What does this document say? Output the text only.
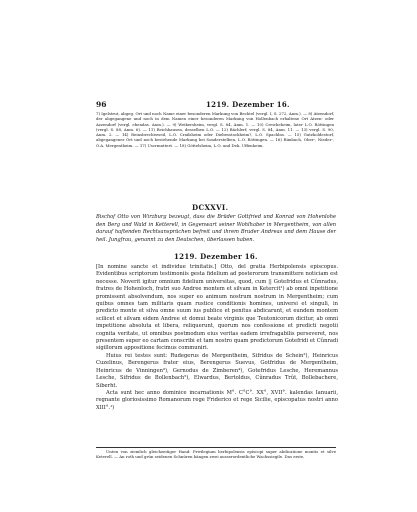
96	1219. Dezember 16.

7) Igelstrut, abgeg. Ort und noch Name einer besonderen Markung von Bechtel (vergl. I, S. 272, Anm.). — 8) Atzendorf, der abgegangene und noch in dem Namen einer besonderen Markung von Hollenbach erhaltene Ort Atzen- oder Azzendorf (vergl. ebendas. Anm.). — 9) Weikersheim, vergl. S. 84, Anm. 1. — 10) Creicheheim, later L.O. Röttingen (vergl. S. 88, Anm. 6). — 11) Reichhausen, desselben L.O. — 12) Bächlerf, vergl. S. 84, Anm. 11. — 13) vergl. S. 90, Anm. 2. — 14) Reinsbrechtsweil, L.O. Crailsheim oder Diebesstockheim?, L.O. Spachlns. — 15) Gutzholdestorf, abgegangener Ort und noch bestehende Markung bei Sonderstelben, L.O. Röttingen. — 16) Rimbach, Ober-, Nieder-, O.A. Mergentheim. — 17) Uscrmnttert. — 18) Göttelsheim, L.O. und Dek. Uffenheim.

DCXXVI.

Bischof Otto von Wirzburg bezeugt, dass die Brüder Gottfried und Konrad von Hohenlohe den Berg und Wald in Ketterell, in Gegenwart seiner Wohlhaber in Mergentheim, von allen darauf haftenden Rechtsansprüchen befreit und ihrem Bruder Andreas und dem Hause der heil. Jungfrau, genannt zu den Deutschen, überlassen haben.

1219. Dezember 16.

[In nomine sancte et individue trinitatis.] Otto, del gratia Herbipolensis episcopus. Evidentibus scriptorum testimoniis gesta fidelium ad posterorum transmittere noticiam est necesse. Noverit igitur omnium fidelium universitas, quod, cum || Gotefridus et Cûnradus, fratres de Hohenloch, fratri suo Andree montem et silvam in Ketercit¹) ab omni inpetitione promissent absolvendum, nos super eo animum nostrum nostrum in Mergentheim; cum quibus omnes tam militaris quam rustice conditionis homines, universi et singuli, in predicto monte et silva omne suum ius publice et penitus abdicarunt, et eundem montem scilicet et silvam eidem Andree et domui beate virginis que Teutonicorum dicitur, ab omni impetitione absoluta et libera, reliquerunt, quorum nos confessione et predicti negotii cognita veritate, ut omnibus postmodum eius veritas eadem irrefragabilis perseveret, nos presentem super eo cartam conscribi et tam nostro quam predictorum Gotefridi et Cûnradi sigillorum appositione fecimus communiri.

Huius rei testes sunt: Rudegerus de Mergentheim, Sifridus de Schein²), Heinricus Cuzelinus, Berengerus frater eius, Berengerus Suevus, Gotfridus de Mergentheim, Heinricus de Vinningen³), Gernodus de Zimberen⁴), Gotefridus Lesche, Heremannus Lesche, Sifridus de Bollenbach⁵), Elwardus, Bertoldus, Cûnradus Trût, Bollebachere, Siberht.

Acta sunt hec anno dominice incarnationis M°. C°C°. XX°, XVII°. kalendas Ianuarii, regnante gloriosissimo Romanorum rege Friderico et rege Sicilie, episcopatus nostri anno XIII°.¹)

Unten von ziemlich gleichzeitiger Hand: Privilegium herbipolensis episcopi super abdicatione montis et silve Keterell. — An roth und grün seidenen Schnüren hängen zwei ausserordentliche Wachssiegile. Das erste,
